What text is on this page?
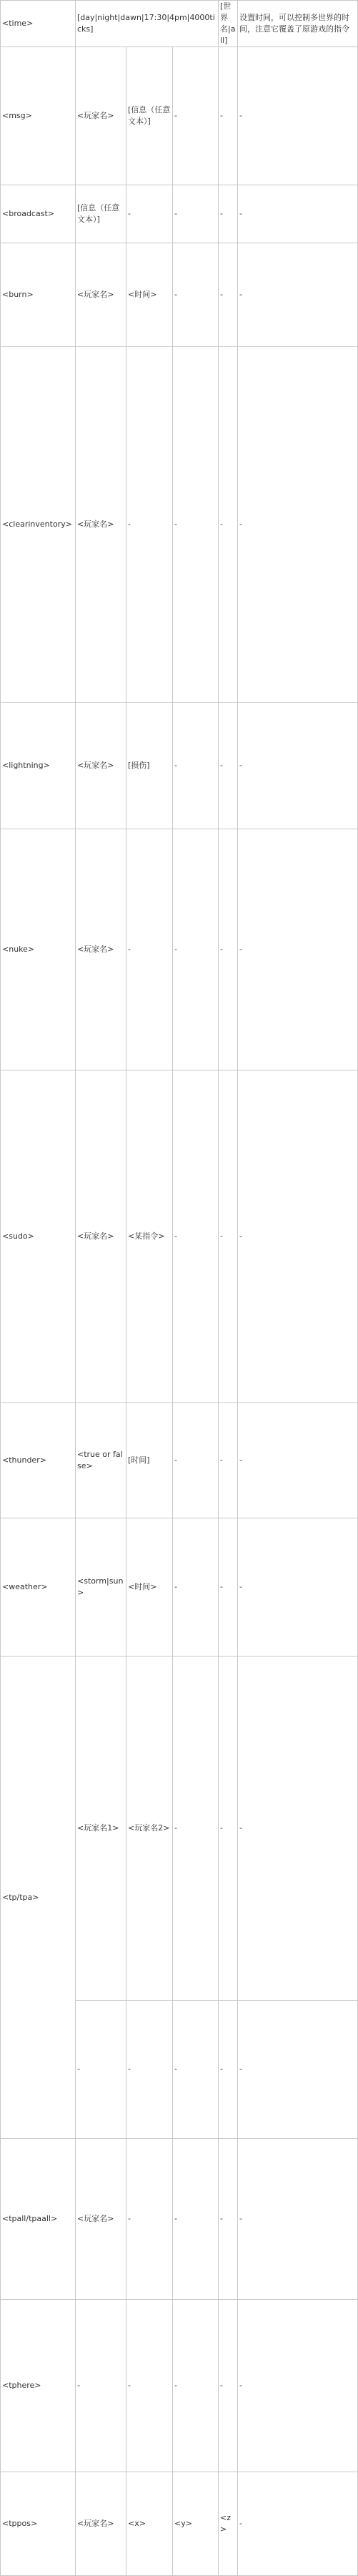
<time>	[day|night|dawn|17:30|4pm|4000ticks]			[世界名|all]	设置时间，可以控制多世界的时间，注意它覆盖了原游戏的指令	
<msg>	<玩家名>	[信息（任意文本）]	-	-	-	
<broadcast>	[信息（任意文本）]	-	-	-	-	
<burn>	<玩家名>	<时间>	-	-	-	
<clearinventory>	<玩家名>	-	-	-	-	
<lightning>	<玩家名>	[损伤]	-	-	-	
<nuke>	<玩家名>	-	-	-	-	
<sudo>	<玩家名>	<某指令>	-	-	-	
<thunder>	<true or false>	[时间]	-	-	-	
<weather>	<storm|sun>	<时间>	-	-	-	
<tp/tpa>	<玩家名1>	<玩家名2>	-	-	-	
	-	-	-	-	-	
<tpall/tpaall>	<玩家名>	-	-	-	-	
<tphere>	-	-	-	-	-	
<tppos>	<玩家名>	<x>	<y>	<z>	-	
